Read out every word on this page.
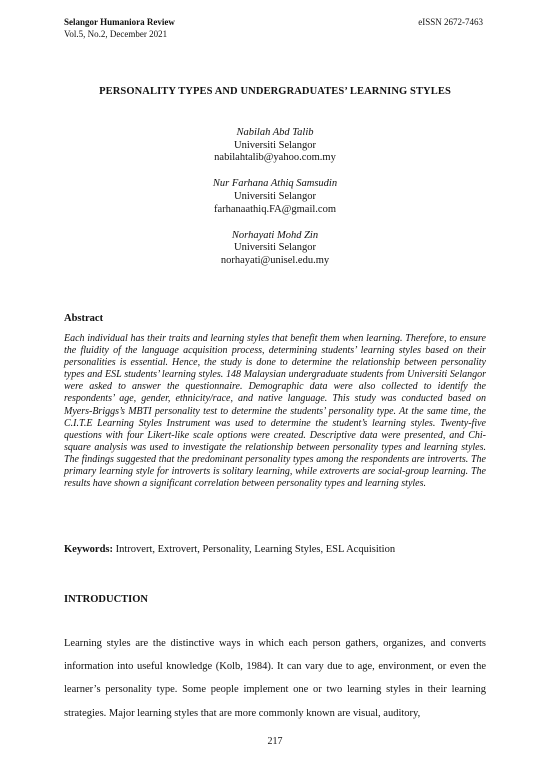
Selangor Humaniora Review
Vol.5, No.2, December 2021
eISSN 2672-7463
PERSONALITY TYPES AND UNDERGRADUATES’ LEARNING STYLES
Nabilah Abd Talib
Universiti Selangor
nabilahtalib@yahoo.com.my
Nur Farhana Athiq Samsudin
Universiti Selangor
farhanaathiq.FA@gmail.com
Norhayati Mohd Zin
Universiti Selangor
norhayati@unisel.edu.my
Abstract

Each individual has their traits and learning styles that benefit them when learning. Therefore, to ensure the fluidity of the language acquisition process, determining students’ learning styles based on their personalities is essential. Hence, the study is done to determine the relationship between personality types and ESL students’ learning styles. 148 Malaysian undergraduate students from Universiti Selangor were asked to answer the questionnaire. Demographic data were also collected to identify the respondents’ age, gender, ethnicity/race, and native language. This study was conducted based on Myers-Briggs’s MBTI personality test to determine the students’ personality type. At the same time, the C.I.T.E Learning Styles Instrument was used to determine the student’s learning styles. Twenty-five questions with four Likert-like scale options were created. Descriptive data were presented, and Chi-square analysis was used to investigate the relationship between personality types and learning styles. The findings suggested that the predominant personality types among the respondents are introverts. The primary learning style for introverts is solitary learning, while extroverts are social-group learning. The results have shown a significant correlation between personality types and learning styles.

Keywords: Introvert, Extrovert, Personality, Learning Styles, ESL Acquisition
INTRODUCTION

Learning styles are the distinctive ways in which each person gathers, organizes, and converts information into useful knowledge (Kolb, 1984). It can vary due to age, environment, or even the learner’s personality type. Some people implement one or two learning styles in their learning strategies. Major learning styles that are more commonly known are visual, auditory,

217
